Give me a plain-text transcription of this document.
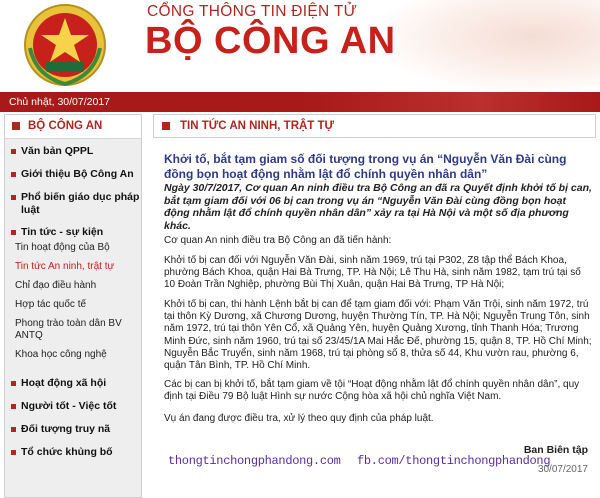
CỔNG THÔNG TIN ĐIỆN TỬ
BỘ CÔNG AN
Chủ nhật, 30/07/2017
BỘ CÔNG AN
Văn bản QPPL
Giới thiệu Bộ Công An
Phổ biến giáo dục pháp luật
Tin tức - sự kiện
Tin hoạt động của Bộ
Tin tức An ninh, trật tự
Chỉ đạo điều hành
Hợp tác quốc tế
Phong trào toàn dân BV ANTQ
Khoa học công nghệ
Hoạt động xã hội
Người tốt - Việc tốt
Đối tượng truy nã
Tổ chức khủng bố
TIN TỨC AN NINH, TRẬT TỰ
Khởi tố, bắt tạm giam số đối tượng trong vụ án “Nguyễn Văn Đài cùng đồng bọn hoạt động nhằm lật đổ chính quyền nhân dân”
Ngày 30/7/2017, Cơ quan An ninh điều tra Bộ Công an đã ra Quyết định khởi tố bị can, bắt tạm giam đối với 06 bị can trong vụ án “Nguyễn Văn Đài cùng đồng bọn hoạt động nhằm lật đổ chính quyền nhân dân” xảy ra tại Hà Nội và một số địa phương khác.
Cơ quan An ninh điều tra Bộ Công an đã tiến hành:
Khởi tố bị can đối với Nguyễn Văn Đài, sinh năm 1969, trú tại P302, Z8 tập thể Bách Khoa, phường Bách Khoa, quận Hai Bà Trưng, TP. Hà Nội; Lê Thu Hà, sinh năm 1982, tạm trú tại số 10 Đoàn Trần Nghiệp, phường Bùi Thị Xuân, quận Hai Bà Trưng, TP Hà Nội;
Khởi tố bị can, thi hành Lệnh bắt bị can để tạm giam đối với: Phạm Văn Trội, sinh năm 1972, trú tại thôn Kỳ Dương, xã Chương Dương, huyện Thường Tín, TP. Hà Nội; Nguyễn Trung Tôn, sinh năm 1972, trú tại thôn Yên Cổ, xã Quảng Yên, huyện Quảng Xương, tỉnh Thanh Hóa; Trương Minh Đức, sinh năm 1960, trú tại số 23/45/1A Mai Hắc Đế, phường 15, quận 8, TP. Hồ Chí Minh; Nguyễn Bắc Truyển, sinh năm 1968, trú tại phòng số 8, thửa số 44, Khu vườn rau, phường 6, quận Tân Bình, TP. Hồ Chí Minh.
Các bị can bị khởi tố, bắt tạm giam về tội “Hoạt động nhằm lật đổ chính quyền nhân dân”, quy định tại Điều 79 Bộ luật Hình sự nước Cộng hòa xã hội chủ nghĩa Việt Nam.
Vụ án đang được điều tra, xử lý theo quy định của pháp luật.
Ban Biên tập
30/07/2017
thongtinchongphandong.com fb.com/thongtinchongphandong
